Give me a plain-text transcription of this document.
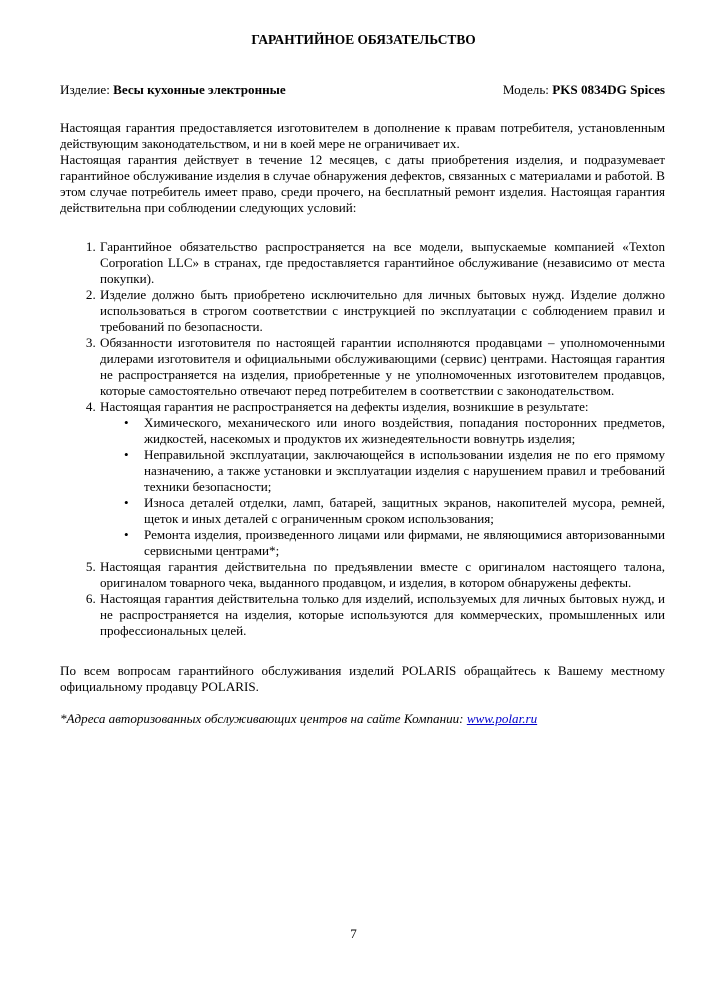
ГАРАНТИЙНОЕ ОБЯЗАТЕЛЬСТВО
Изделие: Весы кухонные электронные	Модель: PKS 0834DG Spices

Настоящая гарантия предоставляется изготовителем в дополнение к правам потребителя, установленным действующим законодательством, и ни в коей мере не ограничивает их.

Настоящая гарантия действует в течение 12 месяцев, с даты приобретения изделия, и подразумевает гарантийное обслуживание изделия в случае обнаружения дефектов, связанных с материалами и работой. В этом случае потребитель имеет право, среди прочего, на бесплатный ремонт изделия. Настоящая гарантия действительна при соблюдении следующих условий:

1. Гарантийное обязательство распространяется на все модели, выпускаемые компанией «Texton Corporation LLC» в странах, где предоставляется гарантийное обслуживание (независимо от места покупки).
2. Изделие должно быть приобретено исключительно для личных бытовых нужд. Изделие должно использоваться в строгом соответствии с инструкцией по эксплуатации с соблюдением правил и требований по безопасности.
3. Обязанности изготовителя по настоящей гарантии исполняются продавцами – уполномоченными дилерами изготовителя и официальными обслуживающими (сервис) центрами. Настоящая гарантия не распространяется на изделия, приобретенные у не уполномоченных изготовителем продавцов, которые самостоятельно отвечают перед потребителем в соответствии с законодательством.
4. Настоящая гарантия не распространяется на дефекты изделия, возникшие в результате:
• Химического, механического или иного воздействия, попадания посторонних предметов, жидкостей, насекомых и продуктов их жизнедеятельности вовнутрь изделия;
• Неправильной эксплуатации, заключающейся в использовании изделия не по его прямому назначению, а также установки и эксплуатации изделия с нарушением правил и требований техники безопасности;
• Износа деталей отделки, ламп, батарей, защитных экранов, накопителей мусора, ремней, щеток и иных деталей с ограниченным сроком использования;
• Ремонта изделия, произведенного лицами или фирмами, не являющимися авторизованными сервисными центрами*;
5. Настоящая гарантия действительна по предъявлении вместе с оригиналом настоящего талона, оригиналом товарного чека, выданного продавцом, и изделия, в котором обнаружены дефекты.
6. Настоящая гарантия действительна только для изделий, используемых для личных бытовых нужд, и не распространяется на изделия, которые используются для коммерческих, промышленных или профессиональных целей.

По всем вопросам гарантийного обслуживания изделий POLARIS обращайтесь к Вашему местному официальному продавцу POLARIS.

*Адреса авторизованных обслуживающих центров на сайте Компании: www.polar.ru

7
